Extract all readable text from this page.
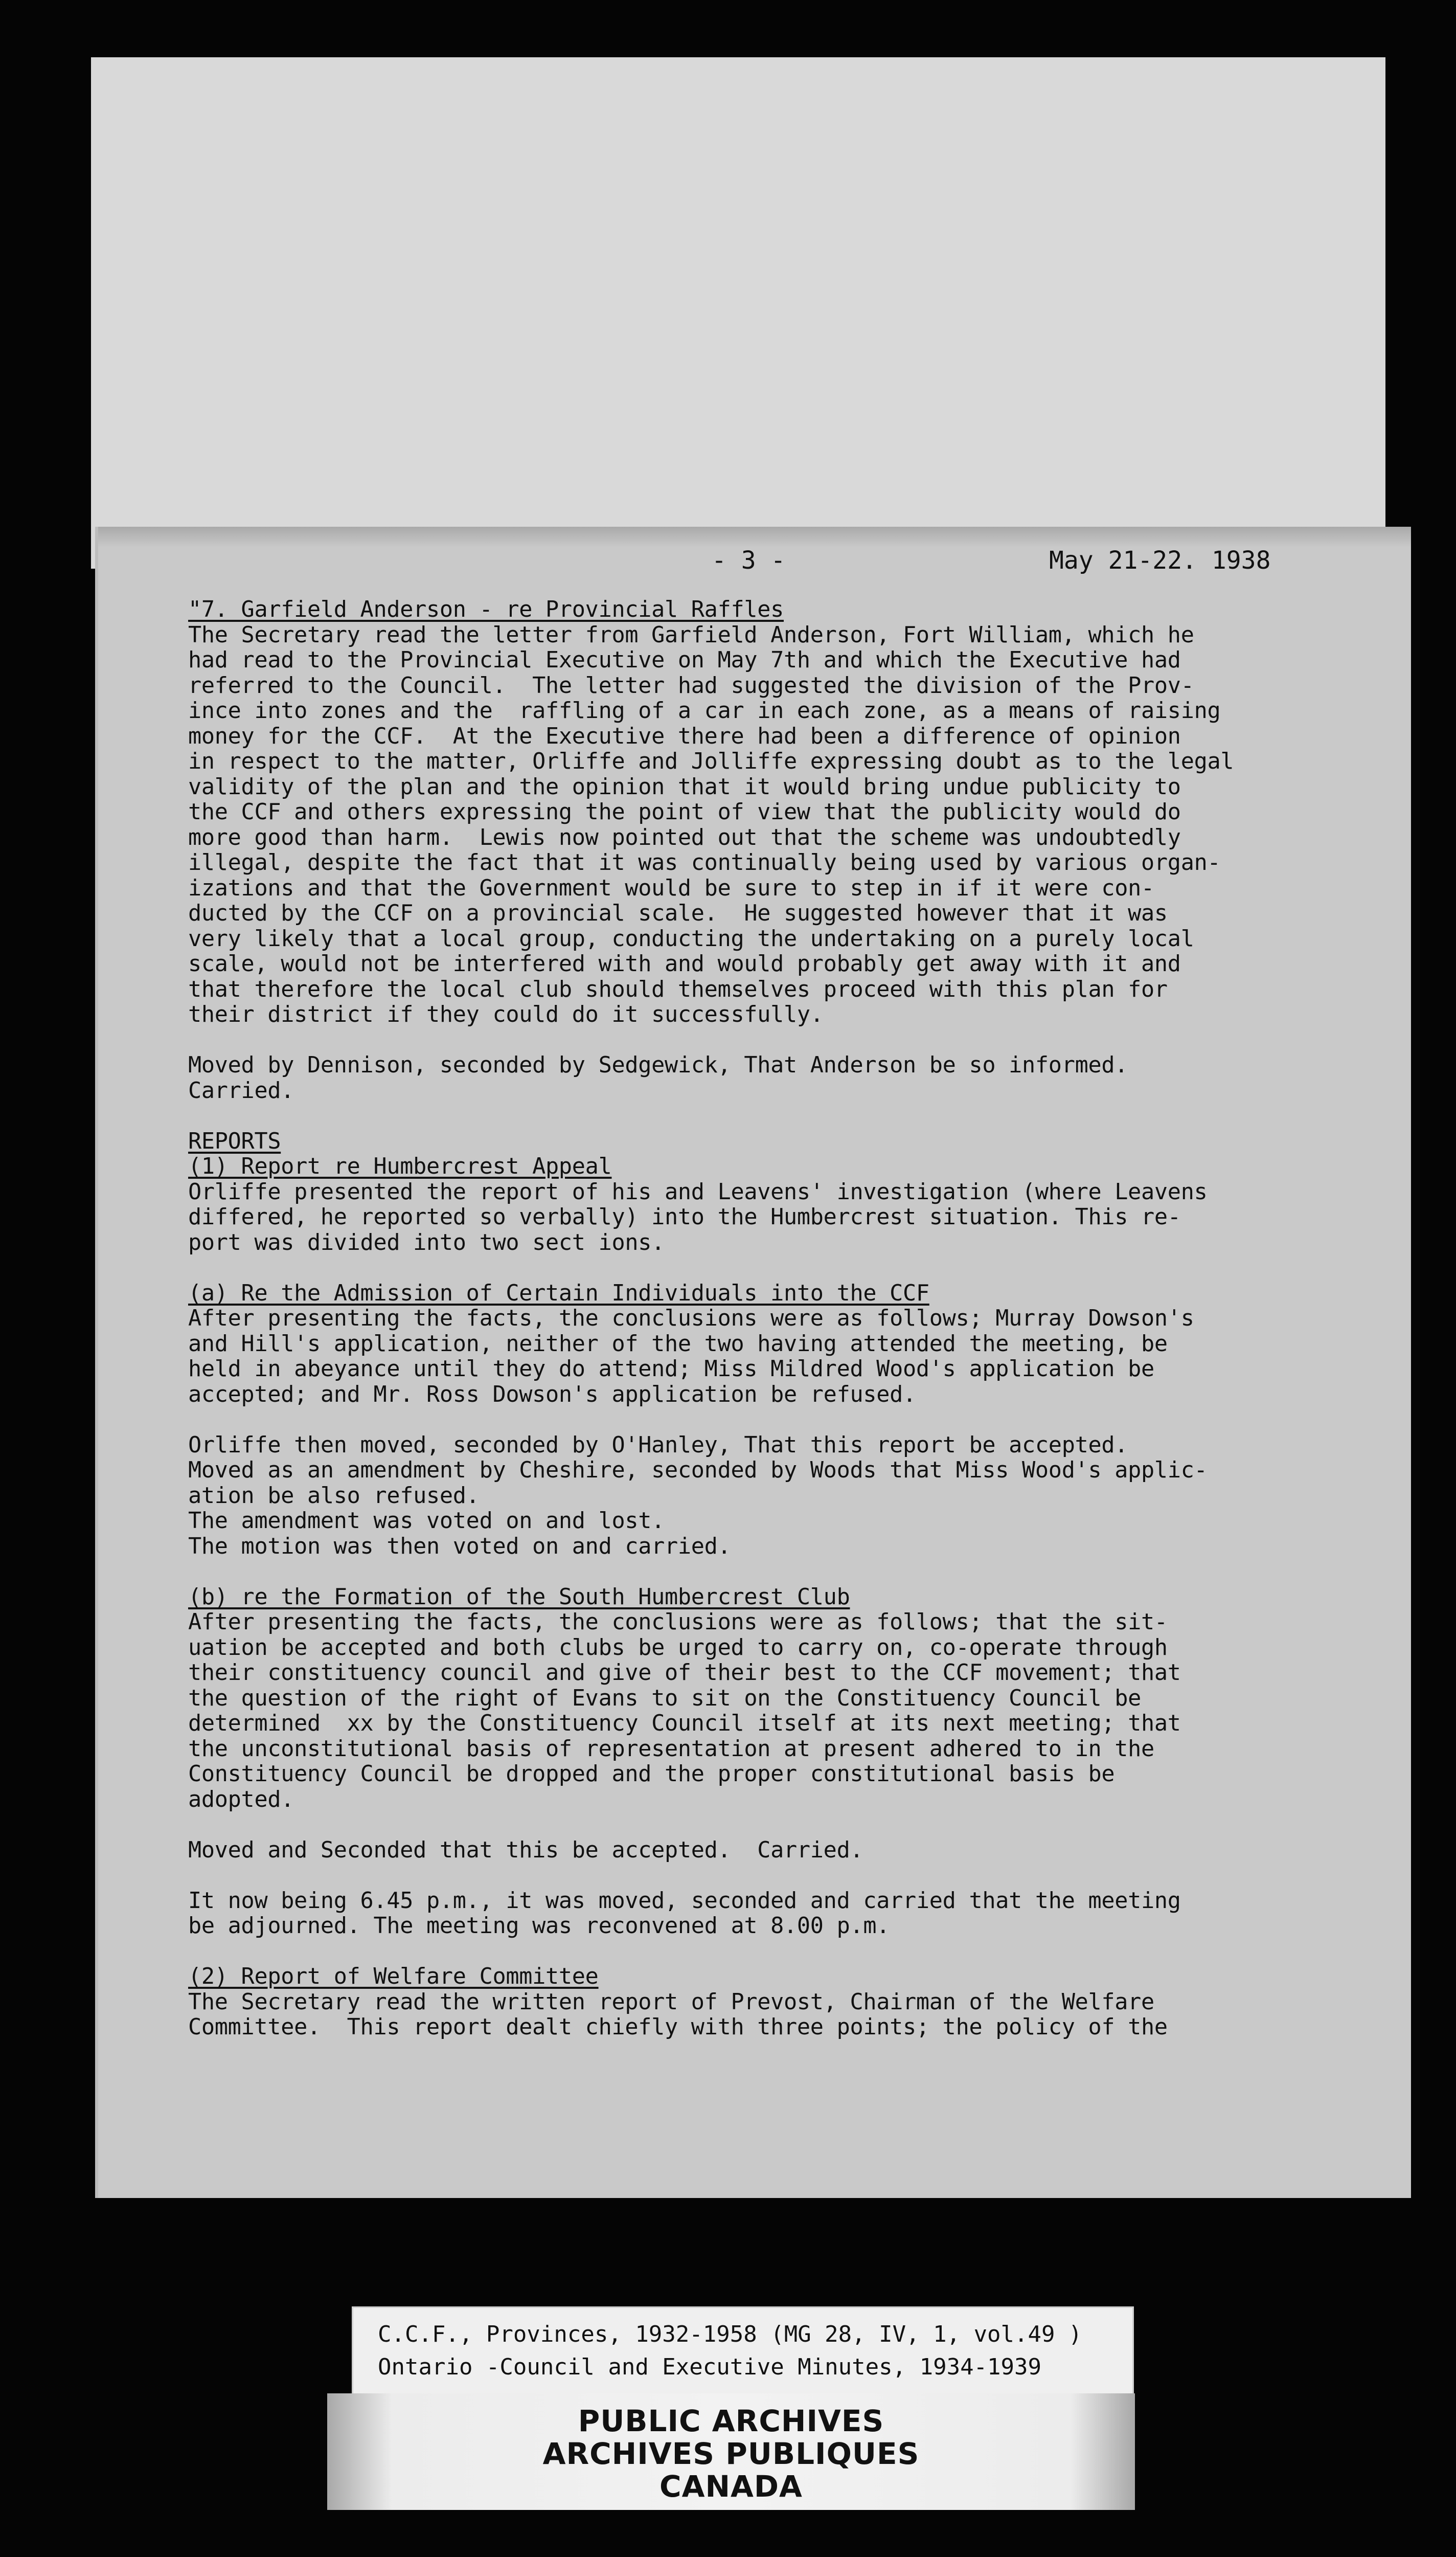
- 3 -	May 21-22. 1938
"7. Garfield Anderson - re Provincial Raffles
The Secretary read the letter from Garfield Anderson, Fort William, which he
had read to the Provincial Executive on May 7th and which the Executive had
referred to the Council.  The letter had suggested the division of the Prov-
ince into zones and the  raffling of a car in each zone, as a means of raising
money for the CCF.  At the Executive there had been a difference of opinion
in respect to the matter, Orliffe and Jolliffe expressing doubt as to the legal
validity of the plan and the opinion that it would bring undue publicity to
the CCF and others expressing the point of view that the publicity would do
more good than harm.  Lewis now pointed out that the scheme was undoubtedly
illegal, despite the fact that it was continually being used by various organ-
izations and that the Government would be sure to step in if it were con-
ducted by the CCF on a provincial scale.  He suggested however that it was
very likely that a local group, conducting the undertaking on a purely local
scale, would not be interfered with and would probably get away with it and
that therefore the local club should themselves proceed with this plan for
their district if they could do it successfully.
Moved by Dennison, seconded by Sedgewick, That Anderson be so informed.
Carried.
REPORTS
(1) Report re Humbercrest Appeal
Orliffe presented the report of his and Leavens' investigation (where Leavens
differed, he reported so verbally) into the Humbercrest situation. This re-
port was divided into two sect ions.
(a) Re the Admission of Certain Individuals into the CCF
After presenting the facts, the conclusions were as follows; Murray Dowson's
and Hill's application, neither of the two having attended the meeting, be
held in abeyance until they do attend; Miss Mildred Wood's application be
accepted; and Mr. Ross Dowson's application be refused.
Orliffe then moved, seconded by O'Hanley, That this report be accepted.
Moved as an amendment by Cheshire, seconded by Woods that Miss Wood's applic-
ation be also refused.
The amendment was voted on and lost.
The motion was then voted on and carried.
(b) re the Formation of the South Humbercrest Club
After presenting the facts, the conclusions were as follows; that the sit-
uation be accepted and both clubs be urged to carry on, co-operate through
their constituency council and give of their best to the CCF movement; that
the question of the right of Evans to sit on the Constituency Council be
determined  xx by the Constituency Council itself at its next meeting; that
the unconstitutional basis of representation at present adhered to in the
Constituency Council be dropped and the proper constitutional basis be
adopted.
Moved and Seconded that this be accepted.  Carried.
It now being 6.45 p.m., it was moved, seconded and carried that the meeting
be adjourned. The meeting was reconvened at 8.00 p.m.
(2) Report of Welfare Committee
The Secretary read the written report of Prevost, Chairman of the Welfare
Committee.  This report dealt chiefly with three points; the policy of the
C.C.F., Provinces, 1932-1958 (MG 28, IV, 1, vol.49 )
Ontario -Council and Executive Minutes, 1934-1939
PUBLIC ARCHIVES
ARCHIVES PUBLIQUES
CANADA
